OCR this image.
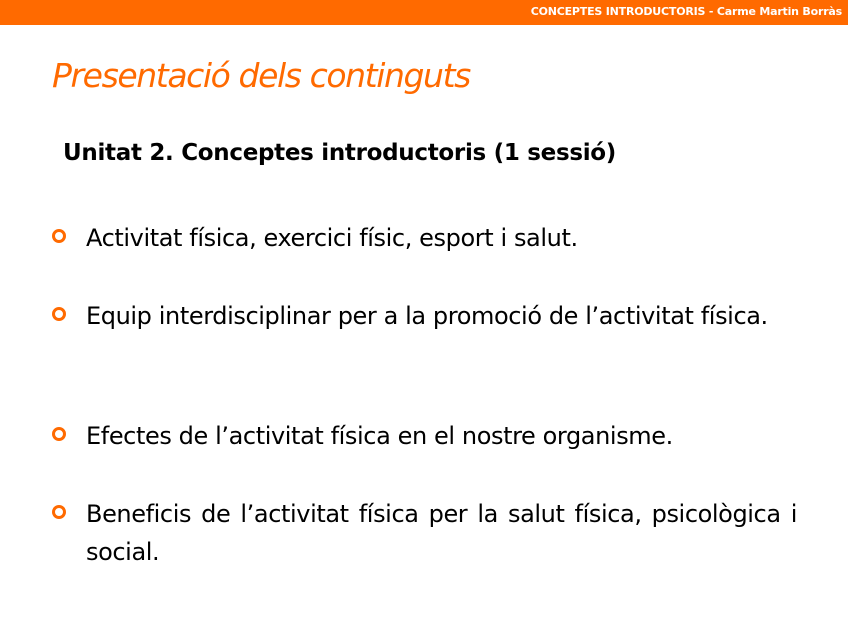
CONCEPTES INTRODUCTORIS - Carme Martin Borràs
Presentació dels continguts
Unitat 2. Conceptes introductoris (1 sessió)
Activitat física, exercici físic, esport i salut.
Equip interdisciplinar per a la promoció de l’activitat física.
Efectes de l’activitat física en el nostre organisme.
Beneficis de l’activitat física per la salut física, psicològica i social.
